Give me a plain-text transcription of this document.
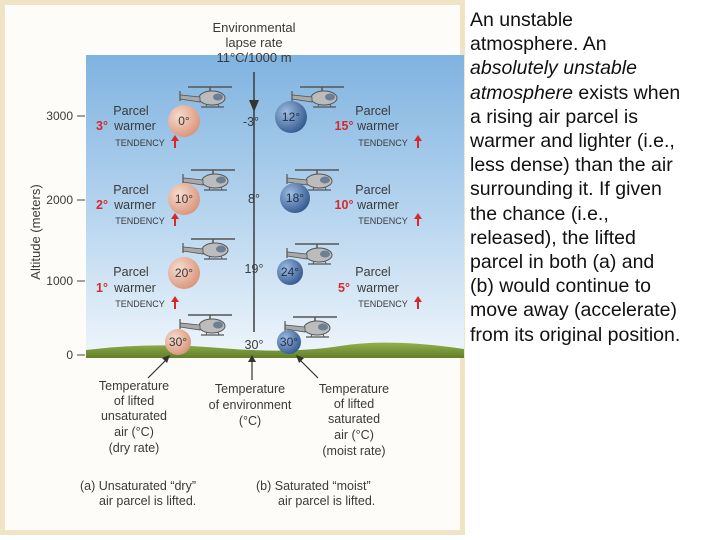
Environmental
lapse rate
11°C/1000 m
Altitude (meters)
3000
2000
1000
0
0°
Parcel
3° warmer
TENDENCY
-3°
10°
Parcel
2° warmer
TENDENCY
8°
20°
Parcel
1° warmer
TENDENCY
19°
30°	30°
12°	Parcel
15° warmer
TENDENCY
18°
Parcel
10° warmer
TENDENCY
24°	Parcel
5° warmer
TENDENCY
30°
Temperature
of lifted
unsaturated
air (°C)
(dry rate)
Temperature
of environment
(°C)
Temperature
of lifted
saturated
air (°C)
(moist rate)
(a) Unsaturated “dry”
air parcel is lifted.
(b) Saturated “moist”
air parcel is lifted.
An unstable
atmosphere. An
absolutely unstable
atmosphere exists when
a rising air parcel is
warmer and lighter (i.e.,
less dense) than the air
surrounding it. If given
the chance (i.e.,
released), the lifted
parcel in both (a) and
(b) would continue to
move away (accelerate)
from its original position.
